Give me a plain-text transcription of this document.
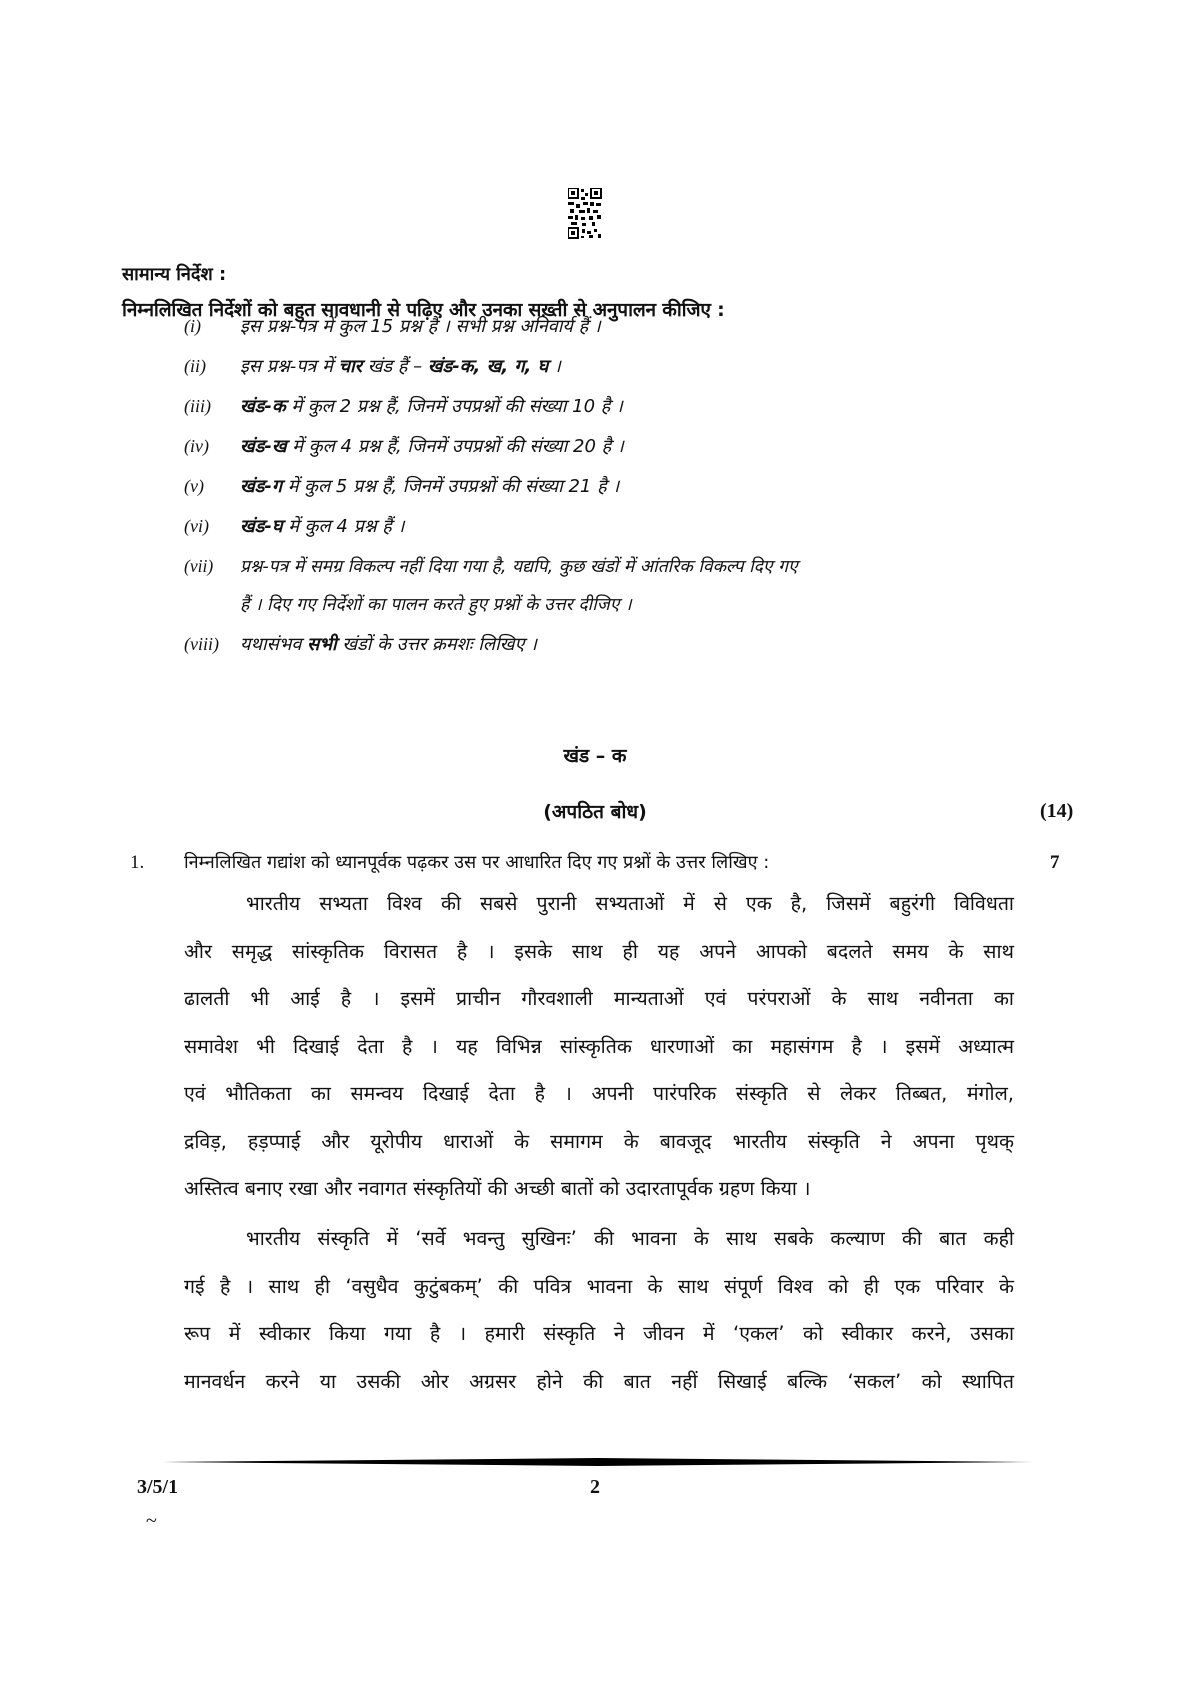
सामान्य निर्देश :
निम्नलिखित निर्देशों को बहुत सावधानी से पढ़िए और उनका सख़्ती से अनुपालन कीजिए :
(i) इस प्रश्न-पत्र में कुल 15 प्रश्न हैं । सभी प्रश्न अनिवार्य हैं ।
(ii) इस प्रश्न-पत्र में चार खंड हैं – खंड-क, ख, ग, घ ।
(iii) खंड-क में कुल 2 प्रश्न हैं, जिनमें उपप्रश्नों की संख्या 10 है ।
(iv) खंड-ख में कुल 4 प्रश्न हैं, जिनमें उपप्रश्नों की संख्या 20 है ।
(v) खंड-ग में कुल 5 प्रश्न हैं, जिनमें उपप्रश्नों की संख्या 21 है ।
(vi) खंड-घ में कुल 4 प्रश्न हैं ।
(vii) प्रश्न-पत्र में समग्र विकल्प नहीं दिया गया है, यद्यपि, कुछ खंडों में आंतरिक विकल्प दिए गए
हैं । दिए गए निर्देशों का पालन करते हुए प्रश्नों के उत्तर दीजिए ।
(viii) यथासंभव सभी खंडों के उत्तर क्रमशः लिखिए ।
खंड – क
(अपठित बोध)	(14)
1. निम्नलिखित गद्यांश को ध्यानपूर्वक पढ़कर उस पर आधारित दिए गए प्रश्नों के उत्तर लिखिए :	7
भारतीय सभ्यता विश्व की सबसे पुरानी सभ्यताओं में से एक है, जिसमें बहुरंगी विविधता
और समृद्ध सांस्कृतिक विरासत है । इसके साथ ही यह अपने आपको बदलते समय के साथ
ढालती भी आई है । इसमें प्राचीन गौरवशाली मान्यताओं एवं परंपराओं के साथ नवीनता का
समावेश भी दिखाई देता है । यह विभिन्न सांस्कृतिक धारणाओं का महासंगम है । इसमें अध्यात्म
एवं भौतिकता का समन्वय दिखाई देता है । अपनी पारंपरिक संस्कृति से लेकर तिब्बत, मंगोल,
द्रविड़, हड़प्पाई और यूरोपीय धाराओं के समागम के बावजूद भारतीय संस्कृति ने अपना पृथक्
अस्तित्व बनाए रखा और नवागत संस्कृतियों की अच्छी बातों को उदारतापूर्वक ग्रहण किया ।
भारतीय संस्कृति में ‘सर्वे भवन्तु सुखिनः’ की भावना के साथ सबके कल्याण की बात कही
गई है । साथ ही ‘वसुधैव कुटुंबकम्’ की पवित्र भावना के साथ संपूर्ण विश्व को ही एक परिवार के
रूप में स्वीकार किया गया है । हमारी संस्कृति ने जीवन में ‘एकल’ को स्वीकार करने, उसका
मानवर्धन करने या उसकी ओर अग्रसर होने की बात नहीं सिखाई बल्कि ‘सकल’ को स्थापित
3/5/1	2
~
